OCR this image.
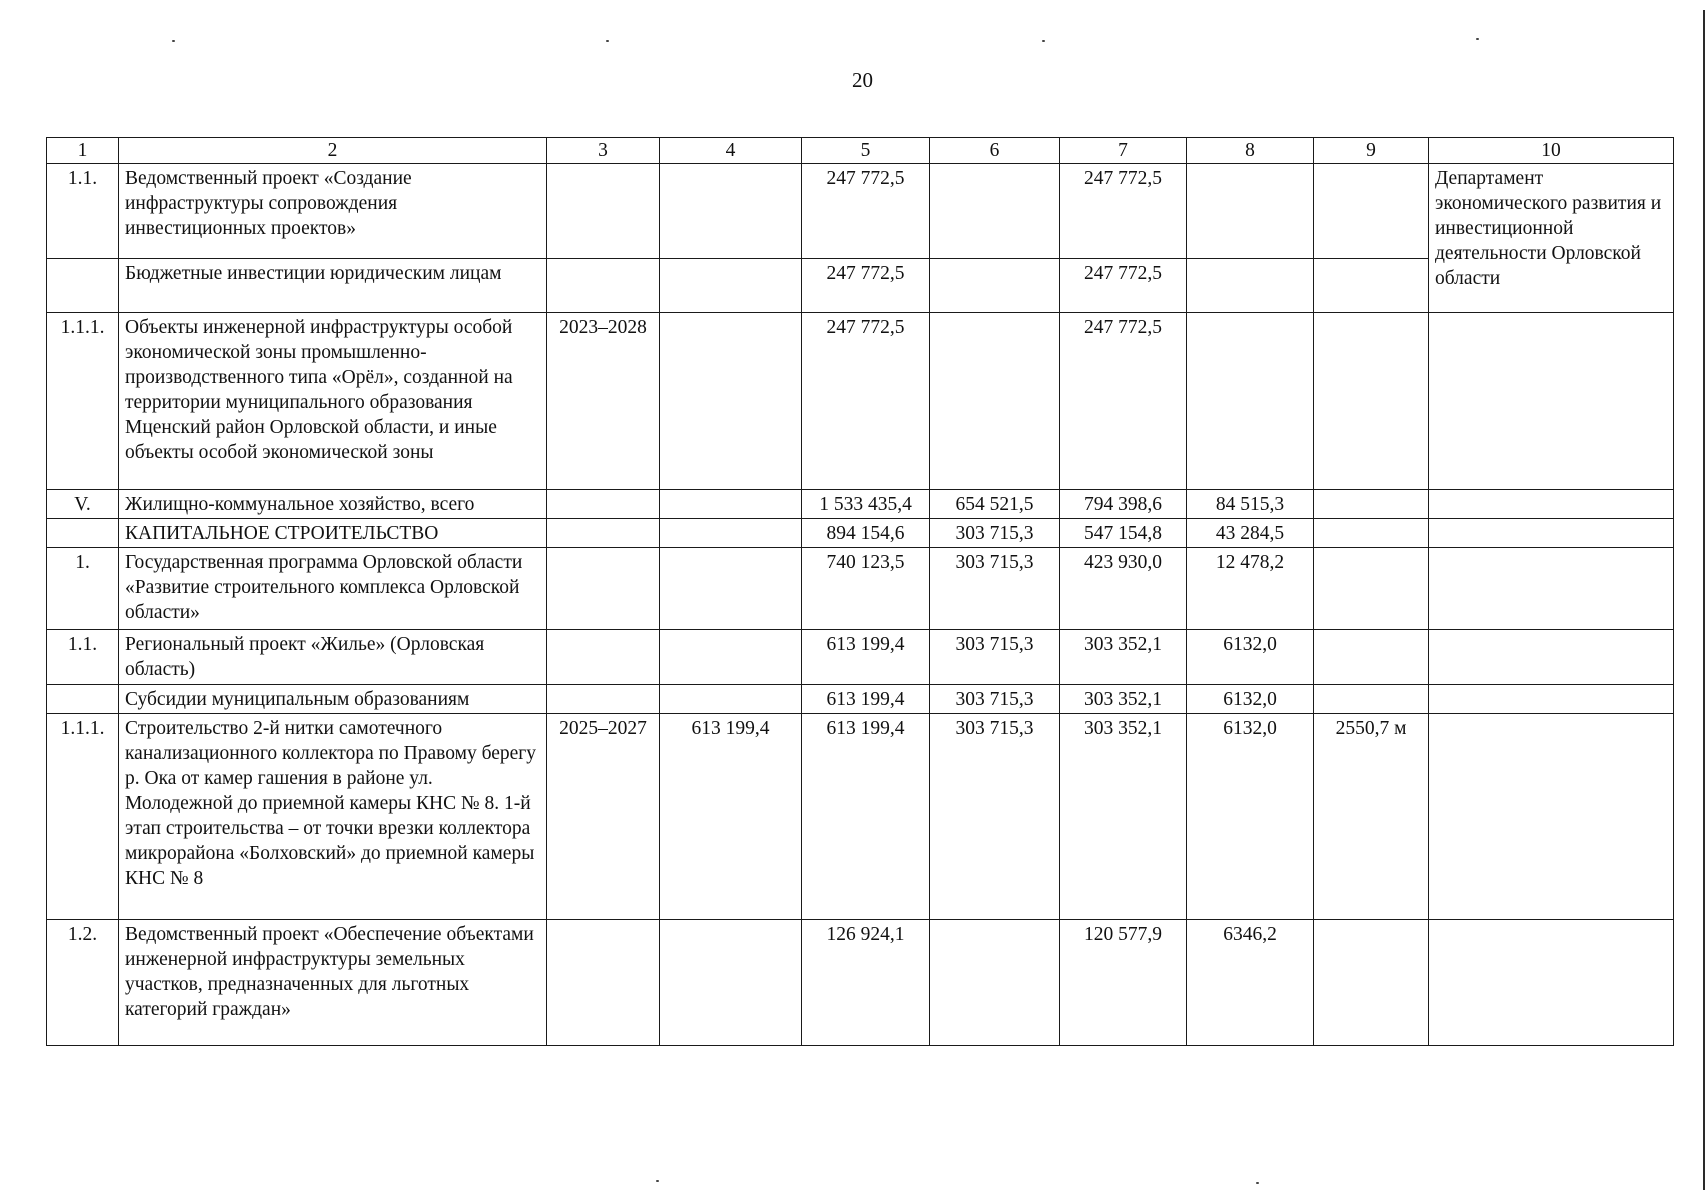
20
1	2	3	4	5	6	7	8	9	10
1.1.	Ведомственный проект «Создание инфраструктуры сопровождения инвестиционных проектов»			247 772,5		247 772,5			Департамент экономического развития и инвестиционной деятельности Орловской области
	Бюджетные инвестиции юридическим лицам			247 772,5		247 772,5			
1.1.1.	Объекты инженерной инфраструктуры особой экономической зоны промышленно-производственного типа «Орёл», созданной на территории муниципального образования Мценский район Орловской области, и иные объекты особой экономической зоны	2023–2028		247 772,5		247 772,5			
V.	Жилищно-коммунальное хозяйство, всего			1 533 435,4	654 521,5	794 398,6	84 515,3		
	КАПИТАЛЬНОЕ СТРОИТЕЛЬСТВО			894 154,6	303 715,3	547 154,8	43 284,5		
1.	Государственная программа Орловской области «Развитие строительного комплекса Орловской области»			740 123,5	303 715,3	423 930,0	12 478,2		
1.1.	Региональный проект «Жилье» (Орловская область)			613 199,4	303 715,3	303 352,1	6132,0		
	Субсидии муниципальным образованиям			613 199,4	303 715,3	303 352,1	6132,0		
1.1.1.	Строительство 2-й нитки самотечного канализационного коллектора по Правому берегу р. Ока от камер гашения в районе ул. Молодежной до приемной камеры КНС № 8. 1-й этап строительства – от точки врезки коллектора микрорайона «Болховский» до приемной камеры КНС № 8	2025–2027	613 199,4	613 199,4	303 715,3	303 352,1	6132,0	2550,7 м	
1.2.	Ведомственный проект «Обеспечение объектами инженерной инфраструктуры земельных участков, предназначенных для льготных категорий граждан»			126 924,1		120 577,9	6346,2		
